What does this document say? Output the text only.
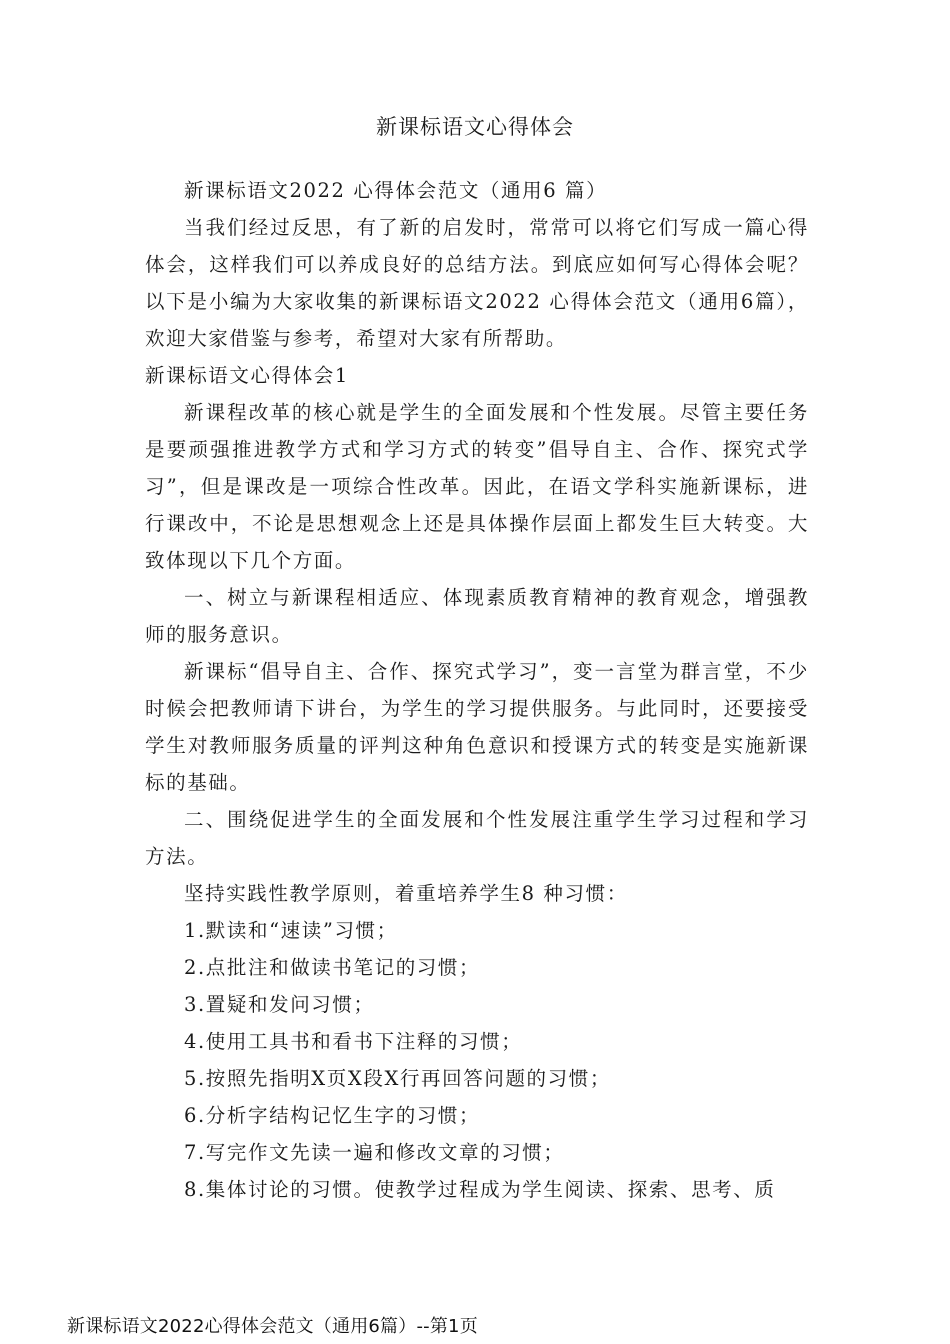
新课标语文心得体会

新课标语文2022 心得体会范文（通用6 篇）

当我们经过反思，有了新的启发时，常常可以将它们写成一篇心得体会，这样我们可以养成良好的总结方法。到底应如何写心得体会呢？以下是小编为大家收集的新课标语文2022 心得体会范文（通用6篇），欢迎大家借鉴与参考，希望对大家有所帮助。

新课标语文心得体会1

新课程改革的核心就是学生的全面发展和个性发展。尽管主要任务是要顽强推进教学方式和学习方式的转变”倡导自主、合作、探究式学习”，但是课改是一项综合性改革。因此，在语文学科实施新课标，进行课改中，不论是思想观念上还是具体操作层面上都发生巨大转变。大致体现以下几个方面。

一、树立与新课程相适应、体现素质教育精神的教育观念，增强教师的服务意识。

新课标“倡导自主、合作、探究式学习”，变一言堂为群言堂，不少时候会把教师请下讲台，为学生的学习提供服务。与此同时，还要接受学生对教师服务质量的评判这种角色意识和授课方式的转变是实施新课标的基础。

二、围绕促进学生的全面发展和个性发展注重学生学习过程和学习方法。

坚持实践性教学原则，着重培养学生8 种习惯：

1.默读和“速读”习惯；

2.点批注和做读书笔记的习惯；

3.置疑和发问习惯；

4.使用工具书和看书下注释的习惯；

5.按照先指明X页X段X行再回答问题的习惯；

6.分析字结构记忆生字的习惯；

7.写完作文先读一遍和修改文章的习惯；

8.集体讨论的习惯。使教学过程成为学生阅读、探索、思考、质

新课标语文2022心得体会范文（通用6篇）--第1页
